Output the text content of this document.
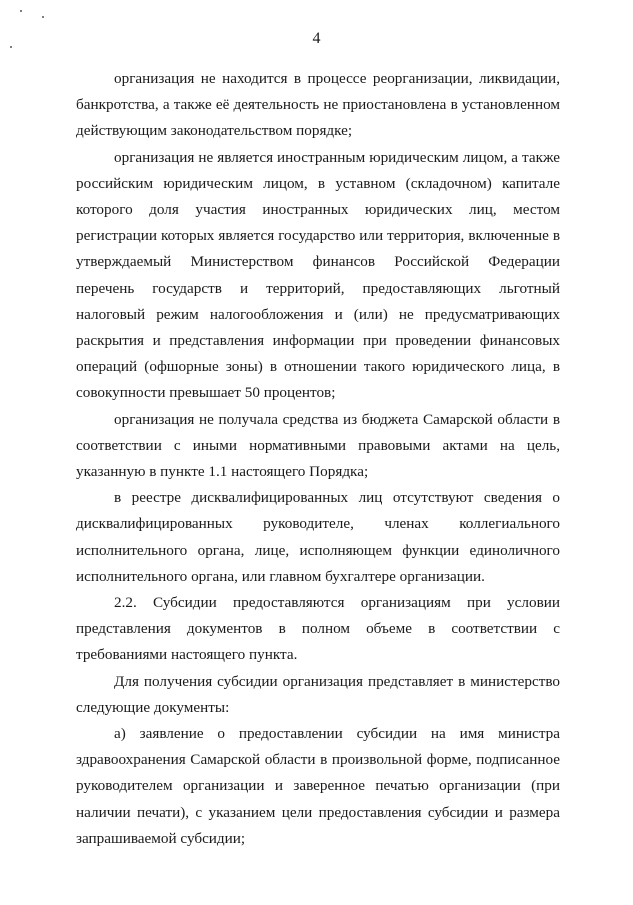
4

организация не находится в процессе реорганизации, ликвидации, банкротства, а также её деятельность не приостановлена в установленном действующим законодательством порядке;

организация не является иностранным юридическим лицом, а также российским юридическим лицом, в уставном (складочном) капитале которого доля участия иностранных юридических лиц, местом регистрации которых является государство или территория, включенные в утверждаемый Министерством финансов Российской Федерации перечень государств и территорий, предоставляющих льготный налоговый режим налогообложения и (или) не предусматривающих раскрытия и представления информации при проведении финансовых операций (офшорные зоны) в отношении такого юридического лица, в совокупности превышает 50 процентов;

организация не получала средства из бюджета Самарской области в соответствии с иными нормативными правовыми актами на цель, указанную в пункте 1.1 настоящего Порядка;

в реестре дисквалифицированных лиц отсутствуют сведения о дисквалифицированных руководителе, членах коллегиального исполнительного органа, лице, исполняющем функции единоличного исполнительного органа, или главном бухгалтере организации.

2.2. Субсидии предоставляются организациям при условии представления документов в полном объеме в соответствии с требованиями настоящего пункта.

Для получения субсидии организация представляет в министерство следующие документы:

а) заявление о предоставлении субсидии на имя министра здравоохранения Самарской области в произвольной форме, подписанное руководителем организации и заверенное печатью организации (при наличии печати), с указанием цели предоставления субсидии и размера запрашиваемой субсидии;
